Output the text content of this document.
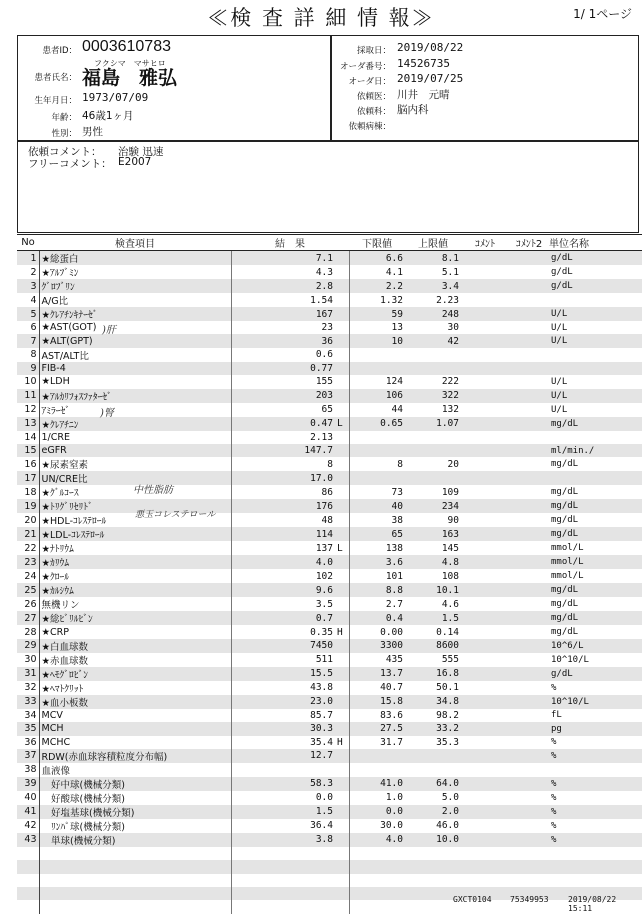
≪検 査 詳 細 情 報≫	1/ 1ページ
患者ID： 0003610783
フクシマ　マサヒロ
患者氏名： 福島　雅弘
生年月日： 1973/07/09
年齢： 46歳1ヶ月
性別： 男性
採取日： 2019/08/22
オーダ番号： 14526735
オーダ日： 2019/07/25
依頼医： 川井　元晴
依頼科： 脳内科
依頼病棟：
依頼コメント： 治験 迅速
フリーコメント： E2007
No	検査項目	結　果		下限値	上限値	ｺﾒﾝﾄ	ｺﾒﾝﾄ2	単位名称
1	★総蛋白	7.1		6.6	8.1			g/dL
2	★ｱﾙﾌﾞﾐﾝ	4.3		4.1	5.1			g/dL
3	ｸﾞﾛﾌﾞﾘﾝ	2.8		2.2	3.4			g/dL
4	A/G比	1.54		1.32	2.23			
5	★ｸﾚｱﾁﾝｷﾅｰｾﾞ	167		59	248			U/L
6	★AST(GOT)	23		13	30			U/L
7	★ALT(GPT)	36		10	42			U/L
8	AST/ALT比	0.6						
9	FIB-4	0.77						
10	★LDH	155		124	222			U/L
11	★ｱﾙｶﾘﾌｫｽﾌｧﾀｰｾﾞ	203		106	322			U/L
12	ｱﾐﾗｰｾﾞ	65		44	132			U/L
13	★ｸﾚｱﾁﾆﾝ	0.47	L	0.65	1.07			mg/dL
14	1/CRE	2.13						
15	eGFR	147.7						ml/min./
16	★尿素窒素	8		8	20			mg/dL
17	UN/CRE比	17.0						
18	★ｸﾞﾙｺｰｽ	86		73	109			mg/dL
19	★ﾄﾘｸﾞﾘｾﾘﾄﾞ	176		40	234			mg/dL
20	★HDL-ｺﾚｽﾃﾛｰﾙ	48		38	90			mg/dL
21	★LDL-ｺﾚｽﾃﾛｰﾙ	114		65	163			mg/dL
22	★ﾅﾄﾘｳﾑ	137	L	138	145			mmol/L
23	★ｶﾘｳﾑ	4.0		3.6	4.8			mmol/L
24	★ｸﾛｰﾙ	102		101	108			mmol/L
25	★ｶﾙｼｳﾑ	9.6		8.8	10.1			mg/dL
26	無機リン	3.5		2.7	4.6			mg/dL
27	★総ﾋﾞﾘﾙﾋﾞﾝ	0.7		0.4	1.5			mg/dL
28	★CRP	0.35	H	0.00	0.14			mg/dL
29	★白血球数	7450		3300	8600			10^6/L
30	★赤血球数	511		435	555			10^10/L
31	★ﾍﾓｸﾞﾛﾋﾞﾝ	15.5		13.7	16.8			g/dL
32	★ﾍﾏﾄｸﾘｯﾄ	43.8		40.7	50.1			%
33	★血小板数	23.0		15.8	34.8			10^10/L
34	MCV	85.7		83.6	98.2			fL
35	MCH	30.3		27.5	33.2			pg
36	MCHC	35.4	H	31.7	35.3			%
37	RDW(赤血球容積粒度分布幅)	12.7						%
38	血液像							
39	　好中球(機械分類)	58.3		41.0	64.0			%
40	　好酸球(機械分類)	0.0		1.0	5.0			%
41	　好塩基球(機械分類)	1.5		0.0	2.0			%
42	　ﾘﾝﾊﾟ球(機械分類)	36.4		30.0	46.0			%
43	　単球(機械分類)	3.8		4.0	10.0			%

)肝
)腎
中性脂肪
悪玉コレステロール
GXCT0104 75349953 2019/08/22 15:11
